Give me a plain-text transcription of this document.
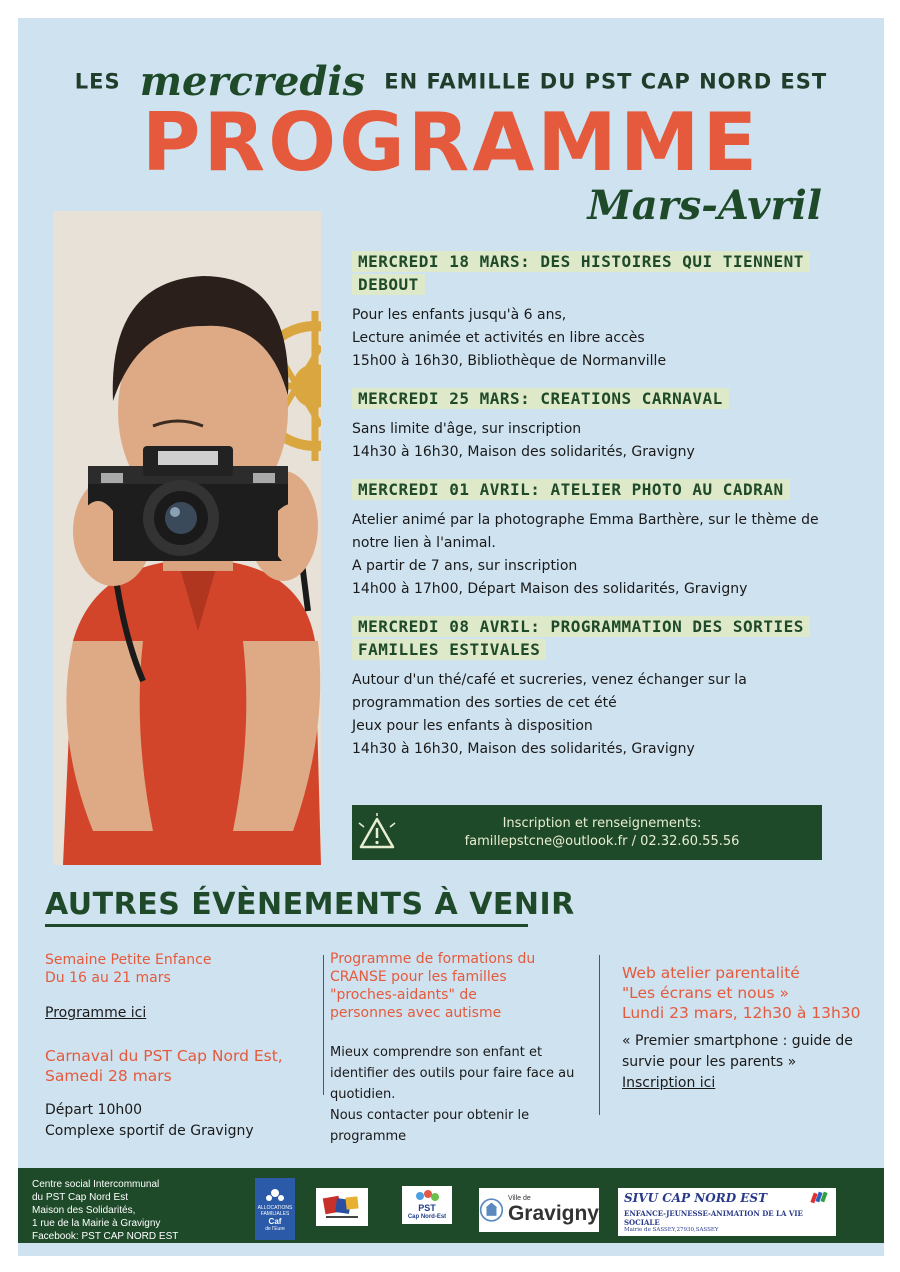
LES mercredis EN FAMILLE DU PST CAP NORD EST
PROGRAMME
Mars-Avril
MERCREDI 18 MARS: DES HISTOIRES QUI TIENNENT DEBOUT
Pour les enfants jusqu'à 6 ans,
Lecture animée et activités en libre accès
15h00 à 16h30, Bibliothèque de Normanville
MERCREDI 25 MARS: CREATIONS CARNAVAL
Sans limite d'âge, sur inscription
14h30 à 16h30, Maison des solidarités, Gravigny
MERCREDI 01 AVRIL: ATELIER PHOTO AU CADRAN
Atelier animé par la photographe Emma Barthère, sur le thème de
notre lien à l'animal.
A partir de 7 ans, sur inscription
14h00 à 17h00, Départ Maison des solidarités, Gravigny
MERCREDI 08 AVRIL: PROGRAMMATION DES SORTIES FAMILLES ESTIVALES
Autour d'un thé/café et sucreries, venez échanger sur la
programmation des sorties de cet été
Jeux pour les enfants à disposition
14h30 à 16h30, Maison des solidarités, Gravigny
Inscription et renseignements:
famillepstcne@outlook.fr / 02.32.60.55.56
AUTRES ÉVÈNEMENTS À VENIR
Semaine Petite Enfance
Du 16 au 21 mars
Programme ici
Carnaval du PST Cap Nord Est,
Samedi 28 mars
Départ 10h00
Complexe sportif de Gravigny
Programme de formations du
CRANSE pour les familles
"proches-aidants" de
personnes avec autisme
Mieux comprendre son enfant et
identifier des outils pour faire face au
quotidien.
Nous contacter pour obtenir le
programme
Web atelier parentalité
"Les écrans et nous »
Lundi 23 mars, 12h30 à 13h30
« Premier smartphone : guide de
survie pour les parents »
Inscription ici
Centre social Intercommunal
du PST Cap Nord Est
Maison des Solidarités,
1 rue de la Mairie à Gravigny
Facebook: PST CAP NORD EST
ALLOCATIONS FAMILIALES
Caf
de l'Eure
PST
Cap Nord-Est
Ville de
Gravigny
SIVU CAP NORD EST
ENFANCE-JEUNESSE-ANIMATION DE LA VIE SOCIALE
Mairie de SASSEY,27930,SASSEY
